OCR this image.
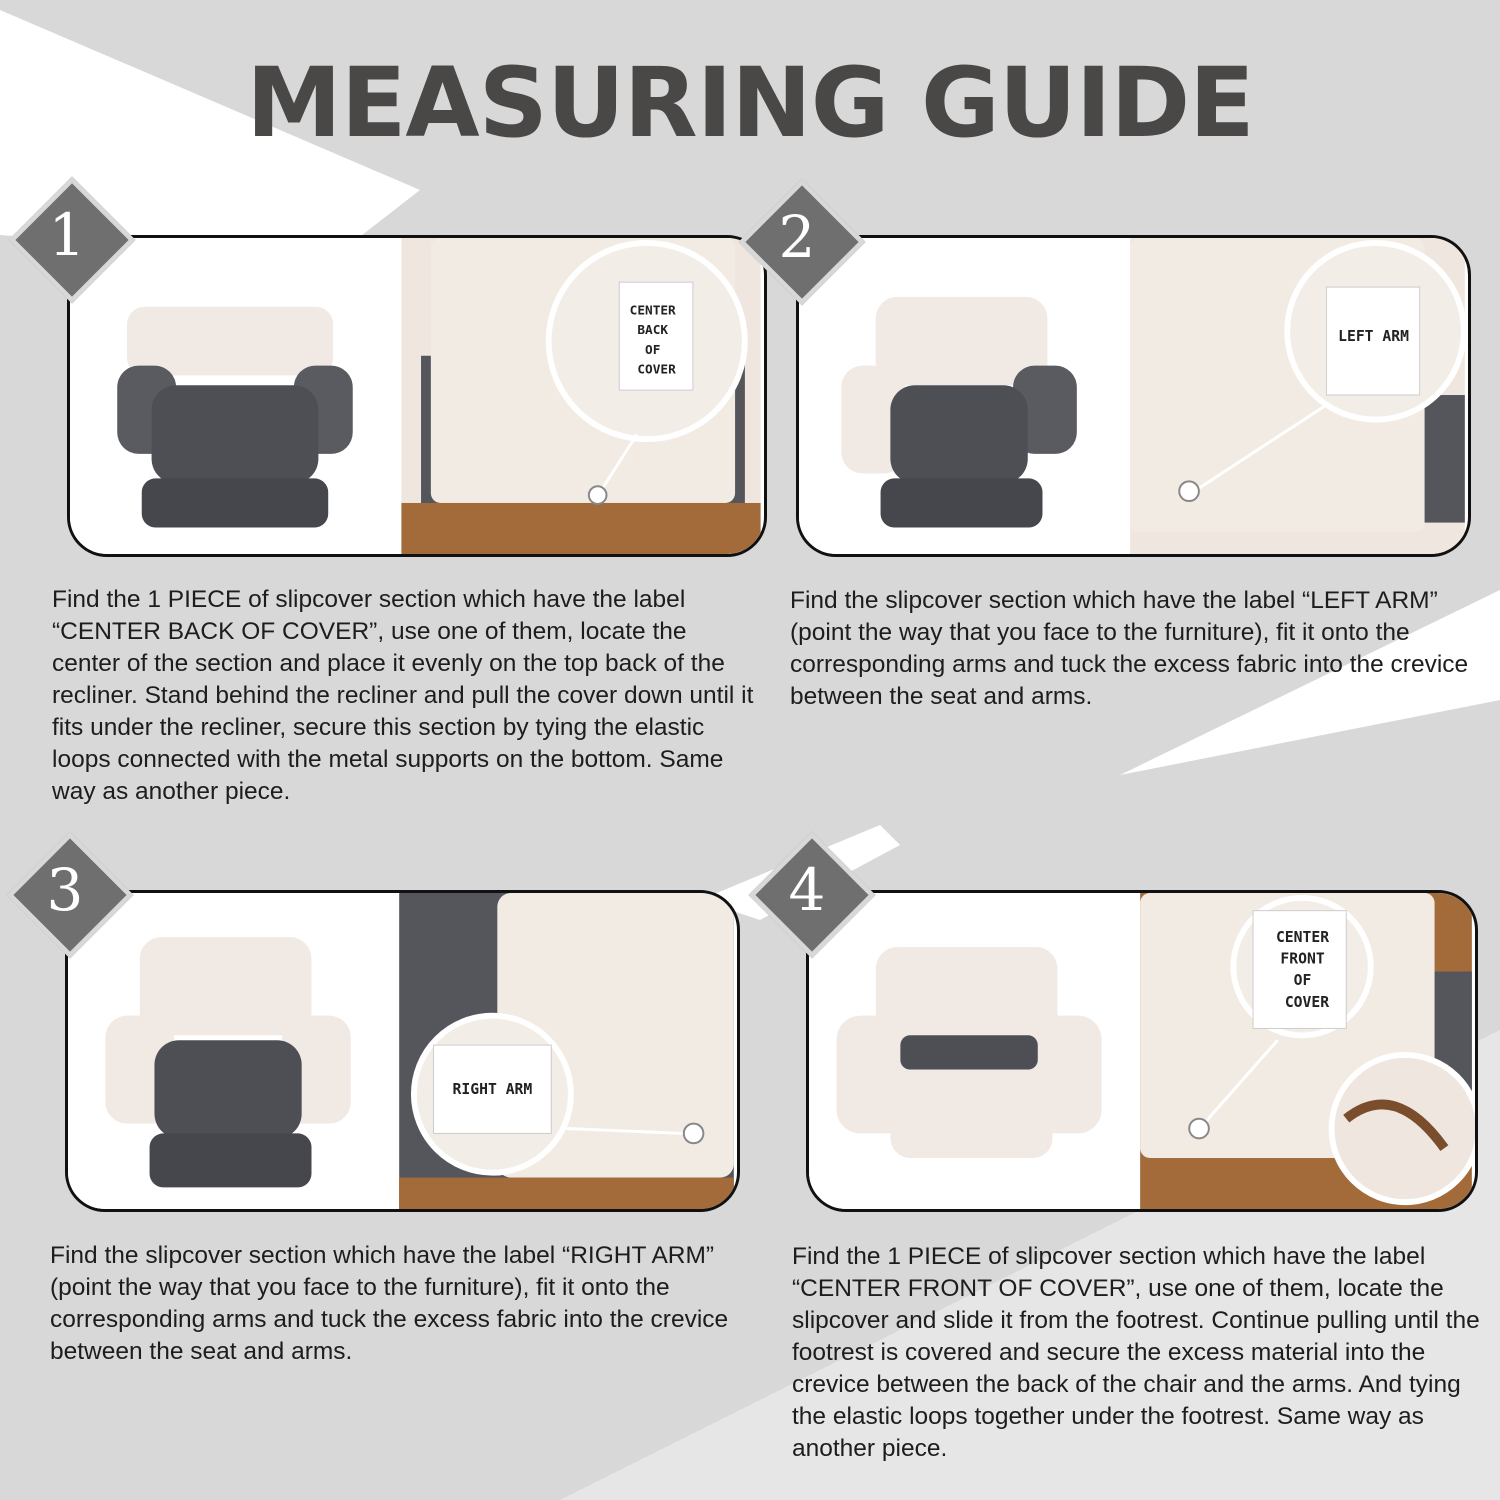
MEASURING GUIDE
CENTER BACK OF COVER
1
Find the 1 PIECE of slipcover section which have the label “CENTER BACK OF COVER”, use one of them, locate the center of the section and place it evenly on the top back of the recliner. Stand behind the recliner and pull the cover down until it fits under the recliner, secure this section by tying the elastic loops connected with the metal supports on the bottom. Same way as another piece.
LEFT ARM
2
Find the slipcover section which have the label “LEFT ARM” (point the way that you face to the furniture), fit it onto the corresponding arms and tuck the excess fabric into the crevice between the seat and arms.
RIGHT ARM
3
Find the slipcover section which have the label “RIGHT ARM” (point the way that you face to the furniture), fit it onto the corresponding arms and tuck the excess fabric into the crevice between the seat and arms.
CENTER FRONT OF COVER
4
Find the 1 PIECE of slipcover section which have the label “CENTER FRONT OF COVER”, use one of them, locate the slipcover and slide it from the footrest. Continue pulling until the footrest is covered and secure the excess material into the crevice between the back of the chair and the arms. And tying the elastic loops together under the footrest. Same way as another piece.
